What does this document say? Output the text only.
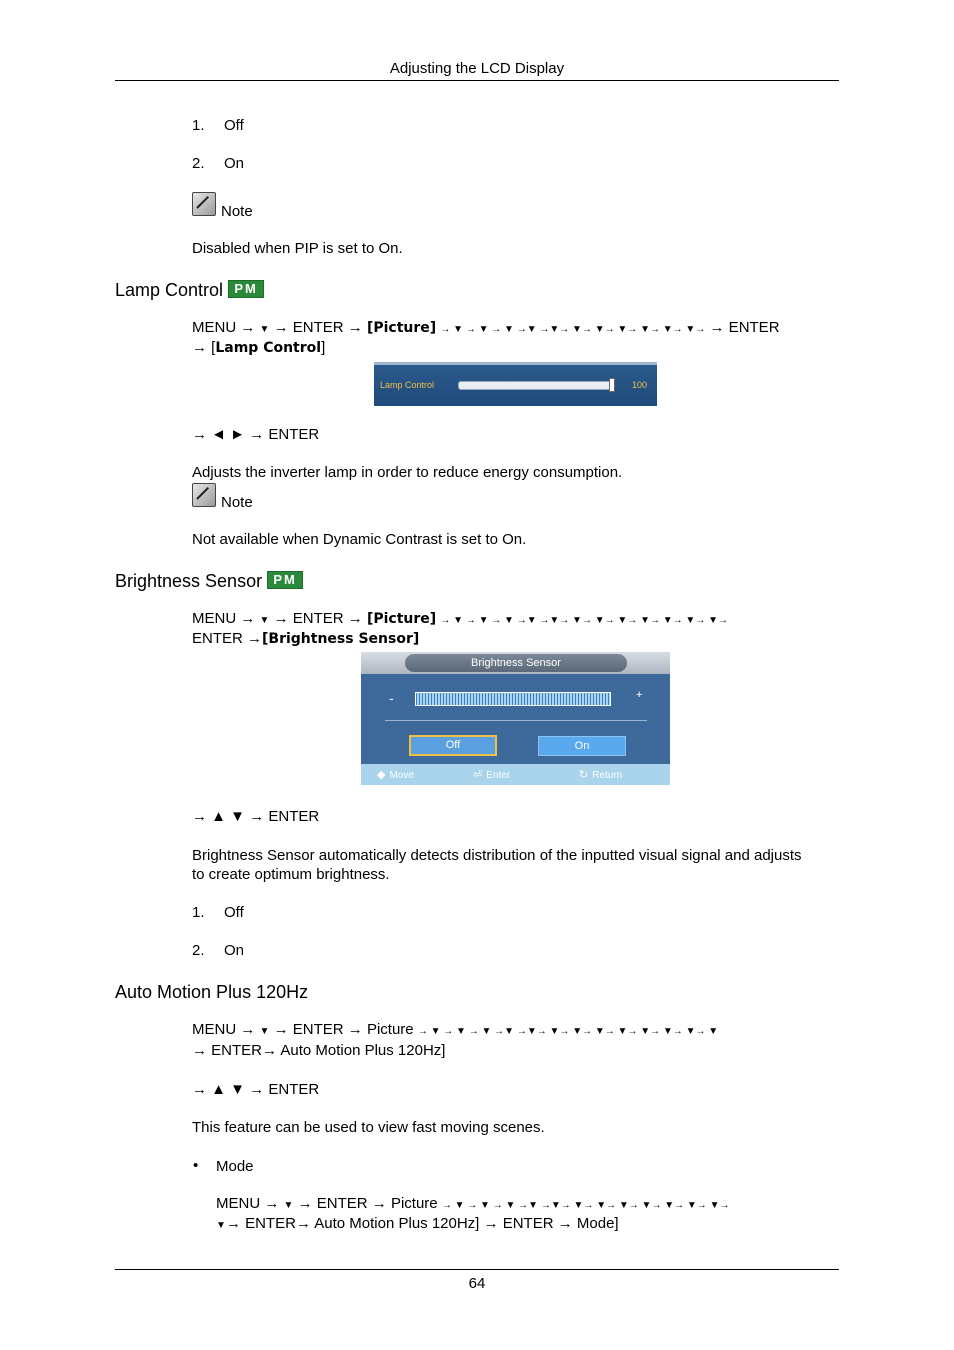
Adjusting the LCD Display
1. Off
2. On
Note
Disabled when PIP is set to On.
Lamp Control PM
MENU → ▼ → ENTER → [Picture] → ▼ → ▼ → ▼ →▼ →▼→ ▼→ ▼→ ▼→ ▼→ ▼→ ▼→ → ENTER
→ [Lamp Control]
Lamp Control	100
→ ◄ ► → ENTER
Adjusts the inverter lamp in order to reduce energy consumption.
Note
Not available when Dynamic Contrast is set to On.
Brightness Sensor PM
MENU → ▼ → ENTER → [Picture] → ▼ → ▼ → ▼ →▼ →▼→ ▼→ ▼→ ▼→ ▼→ ▼→ ▼→ ▼→
ENTER →[Brightness Sensor]
Brightness Sensor
-	+
Off	On
◆ Move	⏎ Enter	↻ Return
→ ▲ ▼ → ENTER
Brightness Sensor automatically detects distribution of the inputted visual signal and adjusts
to create optimum brightness.
1. Off
2. On
Auto Motion Plus 120Hz
MENU → ▼ → ENTER → Picture → ▼ → ▼ → ▼ →▼ →▼→ ▼→ ▼→ ▼→ ▼→ ▼→ ▼→ ▼→ ▼
→ ENTER→ Auto Motion Plus 120Hz]
→ ▲ ▼ → ENTER
This feature can be used to view fast moving scenes.
• Mode
MENU → ▼ → ENTER → Picture → ▼ → ▼ → ▼ →▼ →▼→ ▼→ ▼→ ▼→ ▼→ ▼→ ▼→ ▼→
▼→ ENTER→ Auto Motion Plus 120Hz] → ENTER → Mode]
64
